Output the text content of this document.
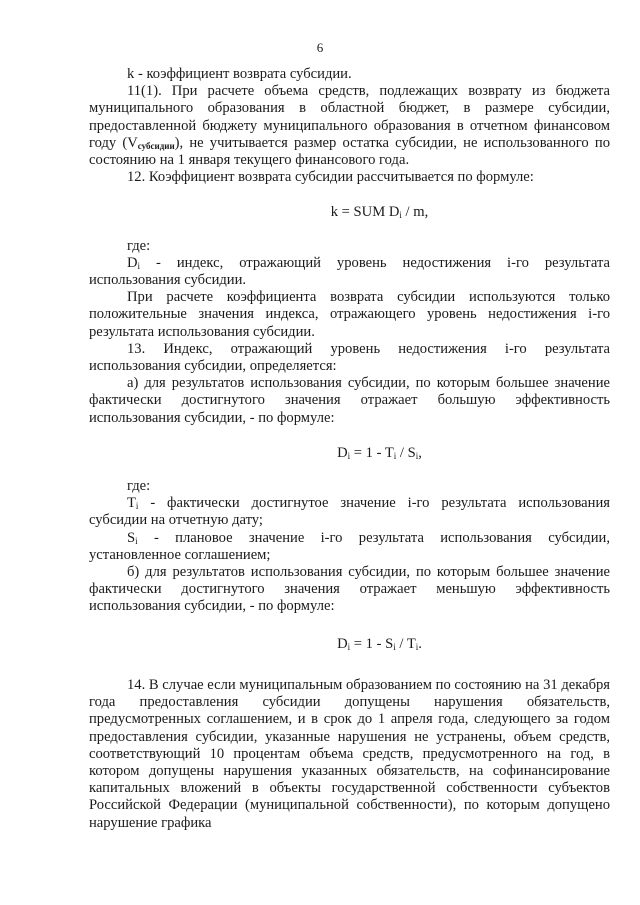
6

k - коэффициент возврата субсидии.

11(1). При расчете объема средств, подлежащих возврату из бюджета муниципального образования в областной бюджет, в размере субсидии, предоставленной бюджету муниципального образования в отчетном финансовом году $(V_{субсидии})$, не учитывается размер остатка субсидии, не использованного по состоянию на 1 января текущего финансового года.

12. Коэффициент возврата субсидии рассчитывается по формуле:

k = SUM $D_i$ / m,

где:

$D_i$ - индекс, отражающий уровень недостижения i-го результата использования субсидии.

При расчете коэффициента возврата субсидии используются только положительные значения индекса, отражающего уровень недостижения i-го результата использования субсидии.

13. Индекс, отражающий уровень недостижения i-го результата использования субсидии, определяется:

а) для результатов использования субсидии, по которым большее значение фактически достигнутого значения отражает большую эффективность использования субсидии, - по формуле:

$D_i = 1 - T_i / S_i$,

где:

$T_i$ - фактически достигнутое значение i-го результата использования субсидии на отчетную дату;

$S_i$ - плановое значение i-го результата использования субсидии, установленное соглашением;

б) для результатов использования субсидии, по которым большее значение фактически достигнутого значения отражает меньшую эффективность использования субсидии, - по формуле:

$D_i = 1 - S_i / T_i$.

14. В случае если муниципальным образованием по состоянию на 31 декабря года предоставления субсидии допущены нарушения обязательств, предусмотренных соглашением, и в срок до 1 апреля года, следующего за годом предоставления субсидии, указанные нарушения не устранены, объем средств, соответствующий 10 процентам объема средств, предусмотренного на год, в котором допущены нарушения указанных обязательств, на софинансирование капитальных вложений в объекты государственной собственности субъектов Российской Федерации (муниципальной собственности), по которым допущено нарушение графика
